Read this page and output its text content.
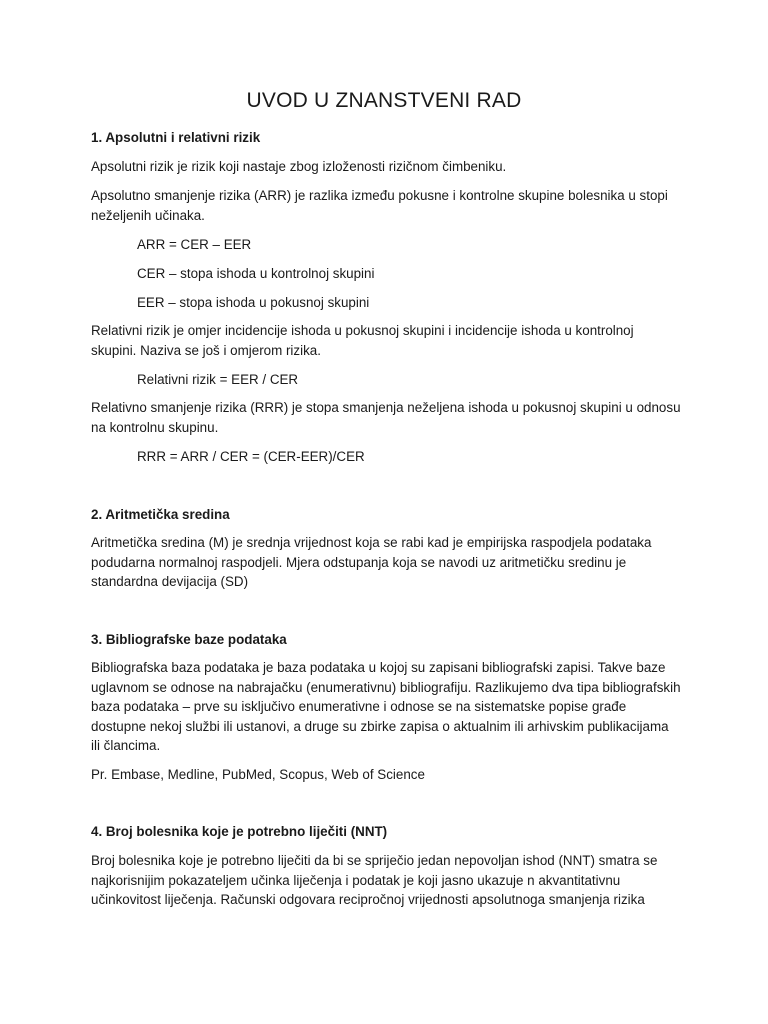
UVOD U ZNANSTVENI RAD

1. Apsolutni i relativni rizik

Apsolutni rizik je rizik koji nastaje zbog izloženosti rizičnom čimbeniku.

Apsolutno smanjenje rizika (ARR) je razlika između pokusne i kontrolne skupine bolesnika u stopi neželjenih učinaka.

ARR = CER – EER

CER – stopa ishoda u kontrolnoj skupini

EER – stopa ishoda u pokusnoj skupini

Relativni rizik je omjer incidencije ishoda u pokusnoj skupini i incidencije ishoda u kontrolnoj skupini. Naziva se još i omjerom rizika.

Relativni rizik = EER / CER

Relativno smanjenje rizika (RRR) je stopa smanjenja neželjena ishoda u pokusnoj skupini u odnosu na kontrolnu skupinu.

RRR = ARR / CER = (CER-EER)/CER

2. Aritmetička sredina

Aritmetička sredina (M) je srednja vrijednost koja se rabi kad je empirijska raspodjela podataka podudarna normalnoj raspodjeli. Mjera odstupanja koja se navodi uz aritmetičku sredinu je standardna devijacija (SD)

3. Bibliografske baze podataka

Bibliografska baza podataka je baza podataka u kojoj su zapisani bibliografski zapisi. Takve baze uglavnom se odnose na nabrajačku (enumerativnu) bibliografiju. Razlikujemo dva tipa bibliografskih baza podataka – prve su isključivo enumerativne i odnose se na sistematske popise građe dostupne nekoj službi ili ustanovi, a druge su zbirke zapisa o aktualnim ili arhivskim publikacijama ili člancima.

Pr. Embase, Medline, PubMed, Scopus, Web of Science

4. Broj bolesnika koje je potrebno liječiti (NNT)

Broj bolesnika koje je potrebno liječiti da bi se spriječio jedan nepovoljan ishod (NNT) smatra se najkorisnijim pokazateljem učinka liječenja i podatak je koji jasno ukazuje n akvantitativnu učinkovitost liječenja. Računski odgovara recipročnoj vrijednosti apsolutnoga smanjenja rizika
